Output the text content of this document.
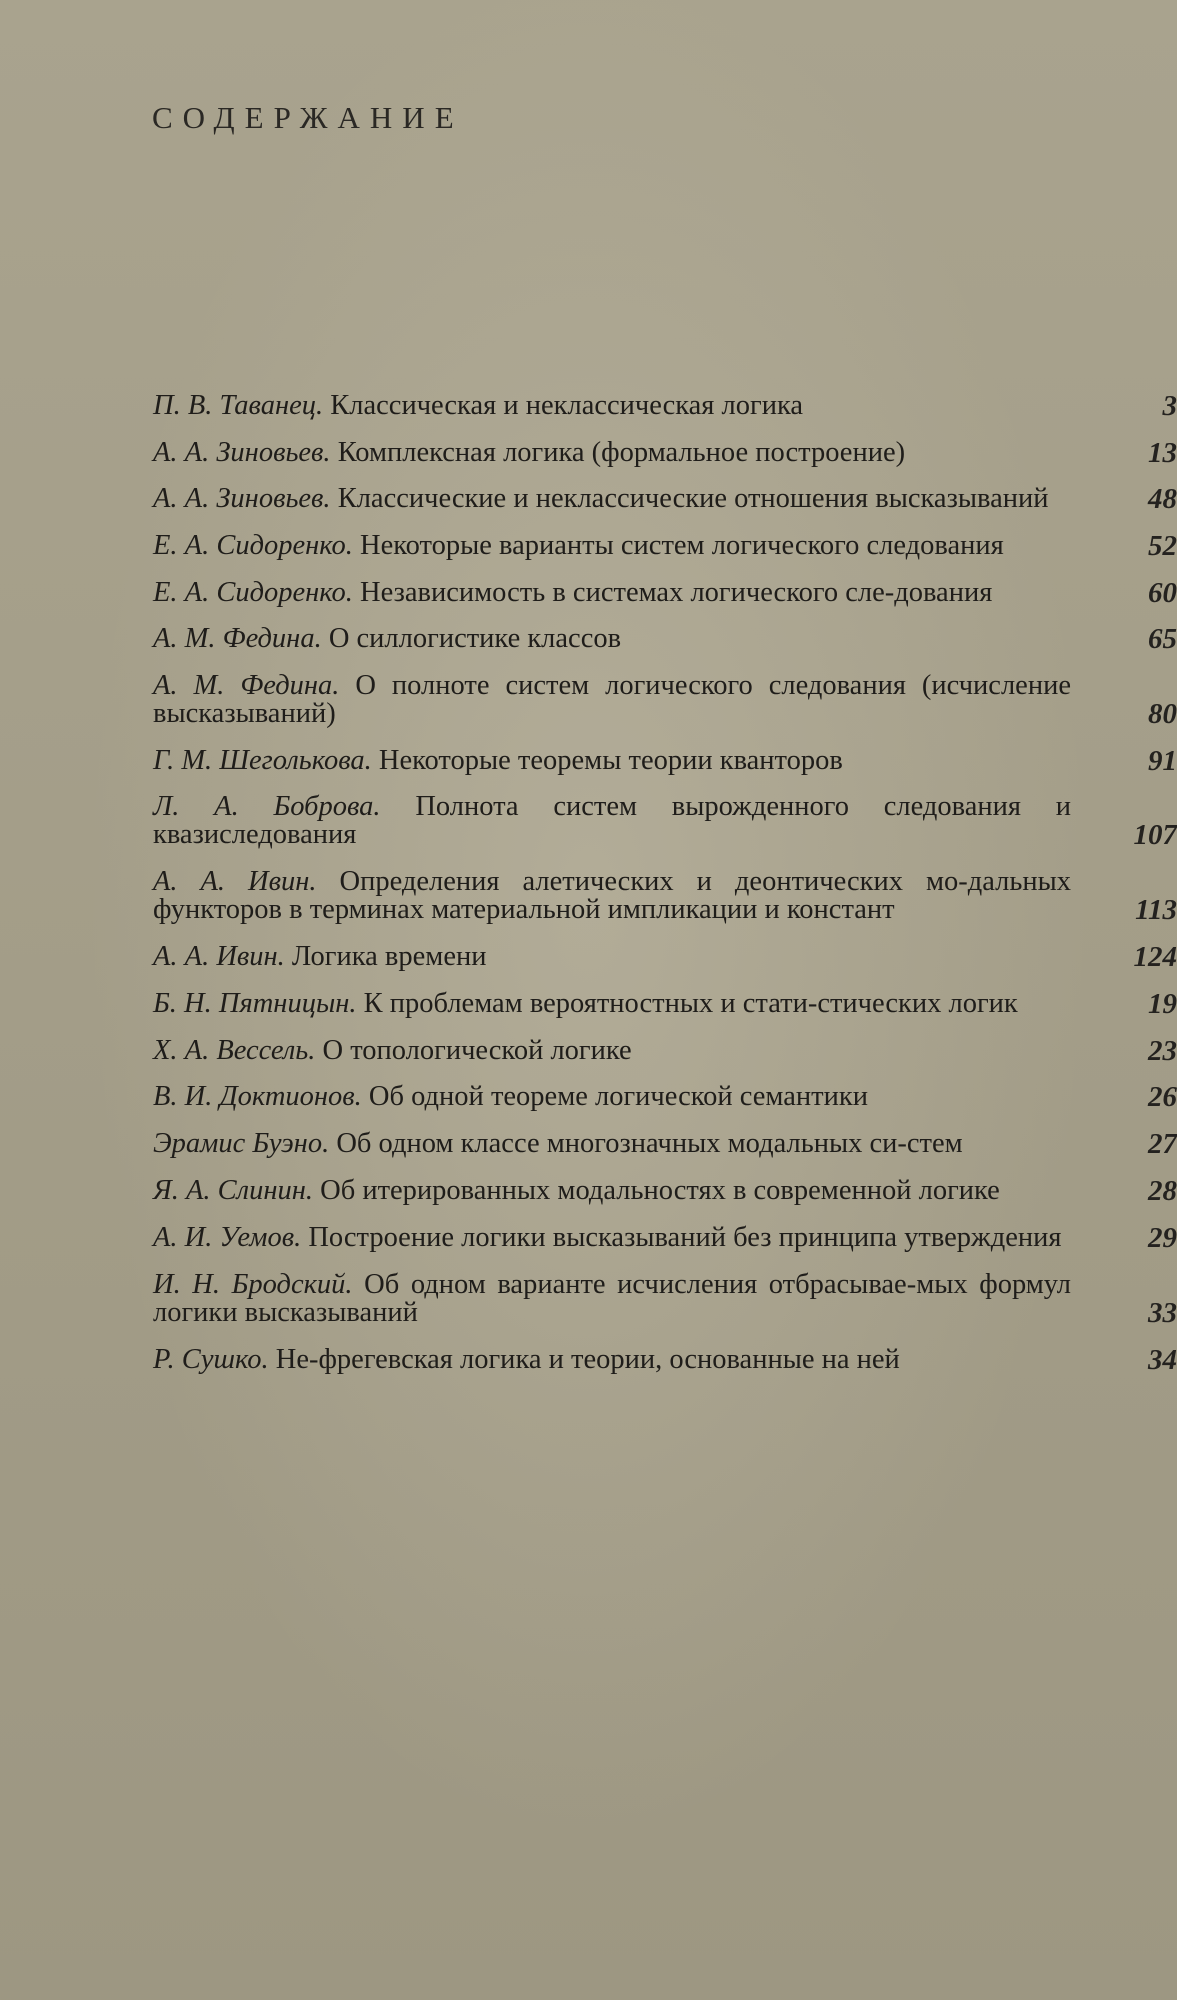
СОДЕРЖАНИЕ
П. В. Таванец. Классическая и неклассическая логика	3
А. А. Зиновьев. Комплексная логика (формальное построение)	13
А. А. Зиновьев. Классические и неклассические отношения высказываний	48
Е. А. Сидоренко. Некоторые варианты систем логического следования	52
Е. А. Сидоренко. Независимость в системах логического сле-дования	60
А. М. Федина. О силлогистике классов	65
А. М. Федина. О полноте систем логического следования (исчисление высказываний)	80
Г. М. Шеголькова. Некоторые теоремы теории кванторов	91
Л. А. Боброва. Полнота систем вырожденного следования и квазиследования	107
А. А. Ивин. Определения алетических и деонтических мо-дальных функторов в терминах материальной импликации и констант	113
А. А. Ивин. Логика времени	124
Б. Н. Пятницын. К проблемам вероятностных и стати-стических логик	19
Х. А. Вессель. О топологической логике	23
В. И. Доктионов. Об одной теореме логической семантики	26
Эрамис Буэно. Об одном классе многозначных модальных си-стем	27
Я. А. Слинин. Об итерированных модальностях в современной логике	28
А. И. Уемов. Построение логики высказываний без принципа утверждения	29
И. Н. Бродский. Об одном варианте исчисления отбрасывае-мых формул логики высказываний	33
Р. Сушко. Не-фрегевская логика и теории, основанные на ней	34
